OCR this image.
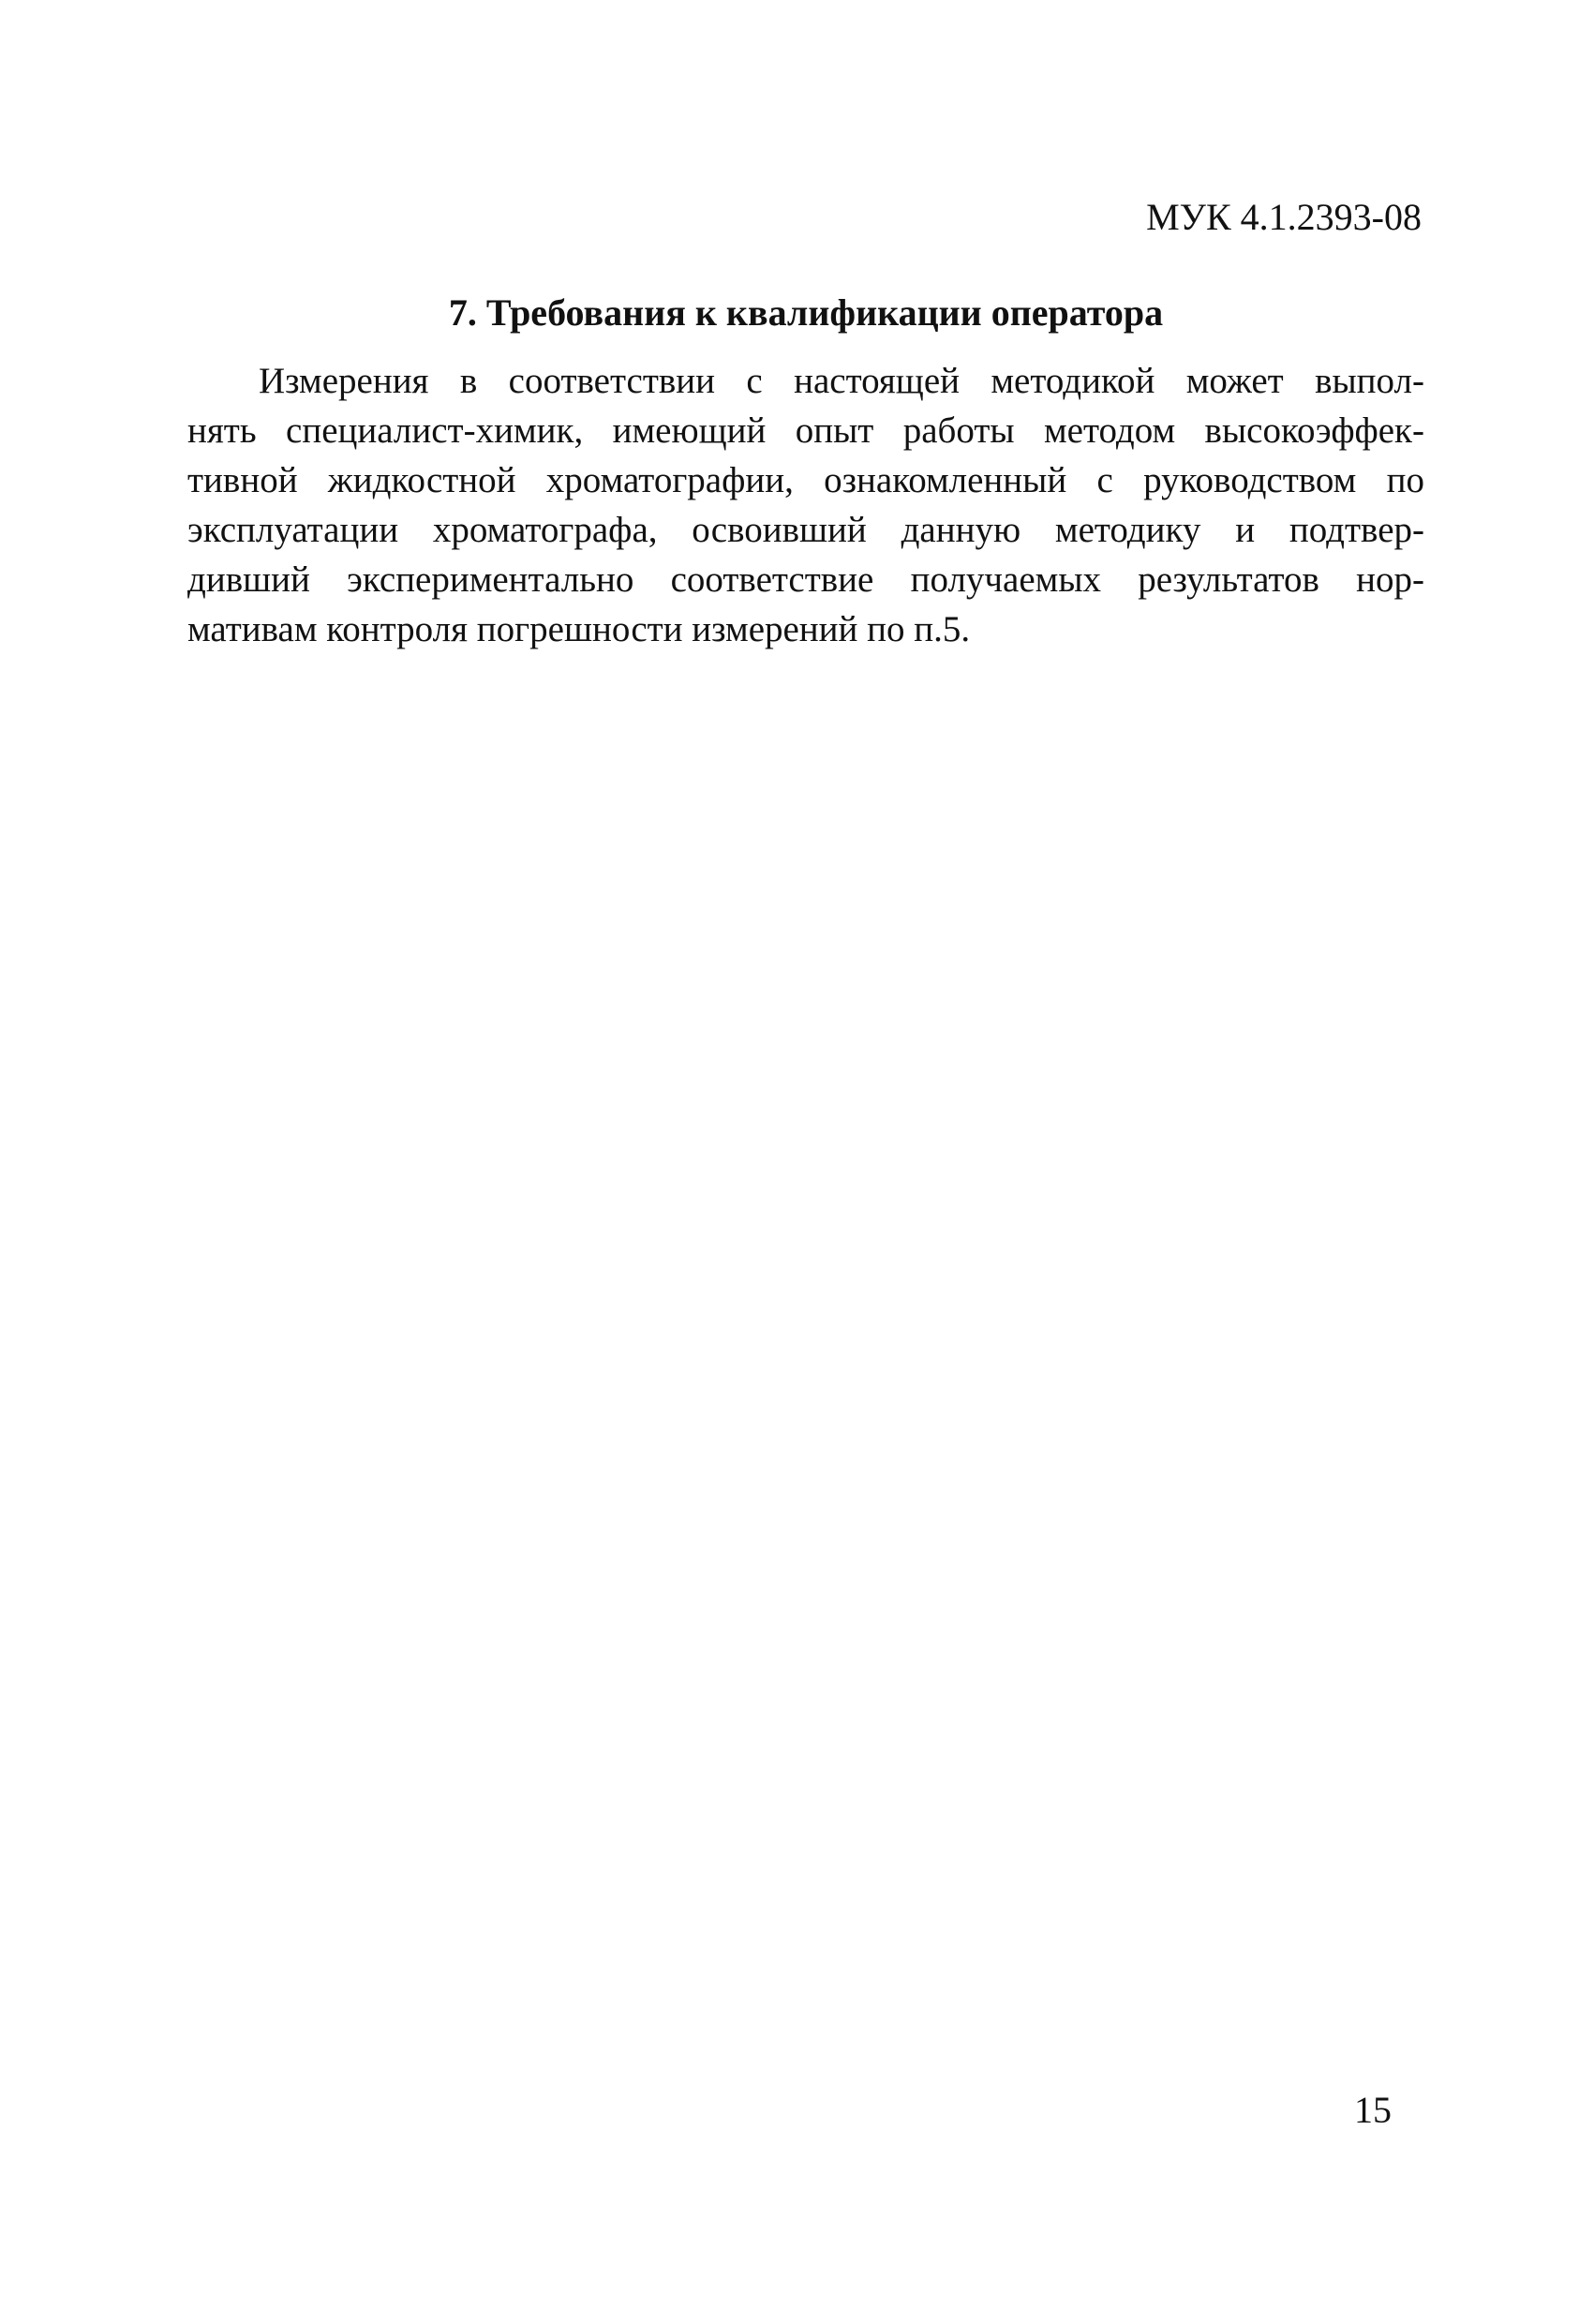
МУК 4.1.2393-08
7. Требования к квалификации оператора
Измерения в соответствии с настоящей методикой может выпол-
нять специалист-химик, имеющий опыт работы методом высокоэффек-
тивной жидкостной хроматографии, ознакомленный с руководством по
эксплуатации хроматографа, освоивший данную методику и подтвер-
дивший экспериментально соответствие получаемых результатов нор-
мативам контроля погрешности измерений по п.5.
15
